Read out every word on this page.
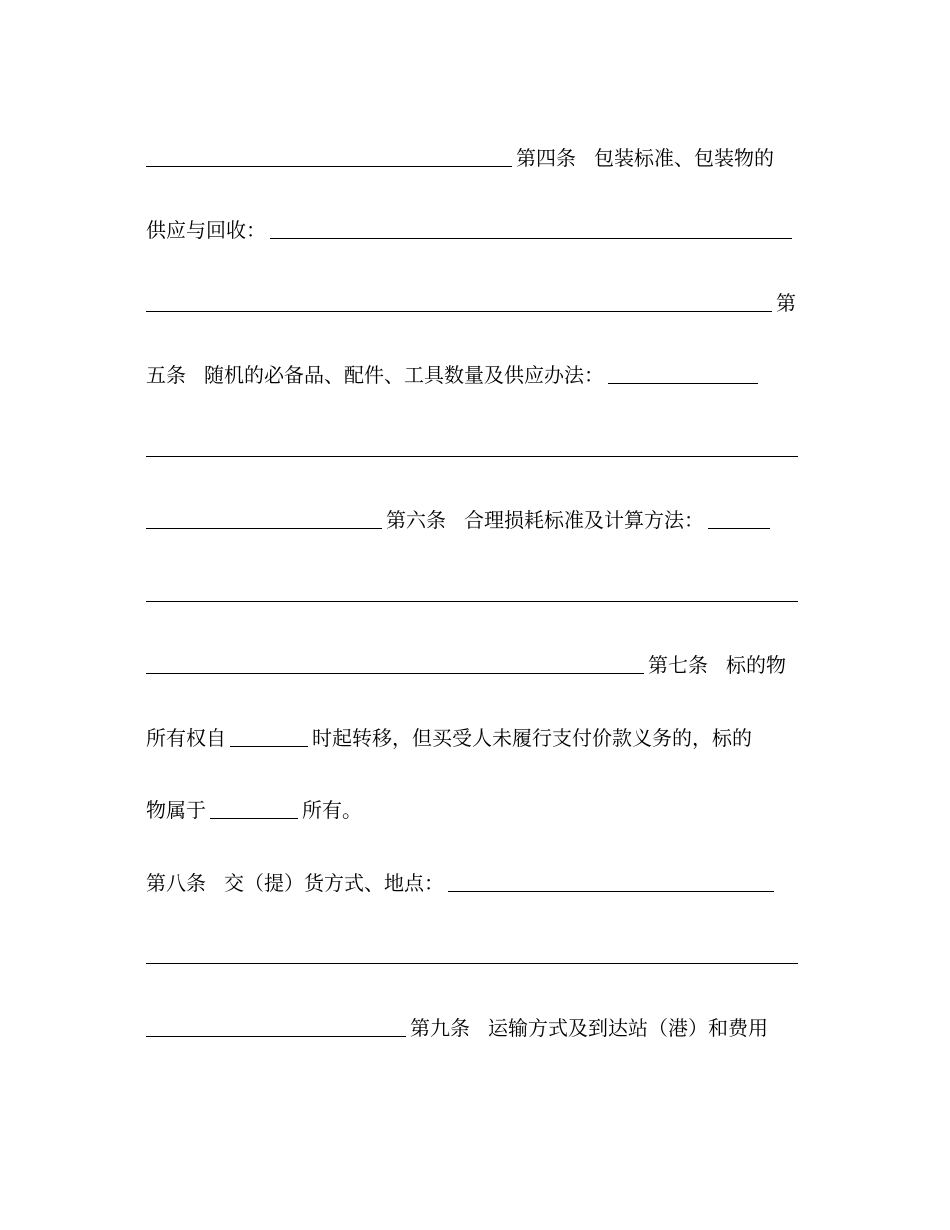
第四条 包装标准、包装物的
供应与回收：
第
五条 随机的必备品、配件、工具数量及供应办法：
第六条 合理损耗标准及计算方法：
第七条 标的物
所有权自	时起转移，但买受人未履行支付价款义务的，标的
物属于	所有。
第八条 交（提）货方式、地点：
第九条 运输方式及到达站（港）和费用
